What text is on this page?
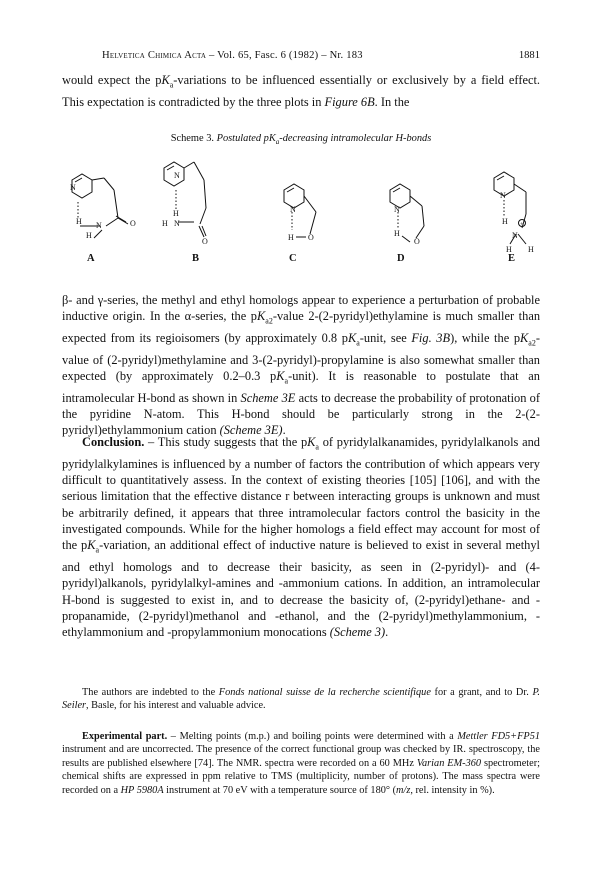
Helvetica Chimica Acta – Vol. 65, Fasc. 6 (1982) – Nr. 183	1881

would expect the $pK_a$-variations to be influenced essentially or exclusively by a field effect. This expectation is contradicted by the three plots in Figure 6B. In the

Scheme 3. Postulated $pK_a$-decreasing intramolecular H-bonds
N
H N	O
H
N
H
H N
O
N
H O
N
H
O
N
H
N
H H
+
A	B	C	D	E

β- and γ-series, the methyl and ethyl homologs appear to experience a perturbation of probable inductive origin. In the α-series, the $pK_{a2}$-value 2-(2-pyridyl)ethylamine is much smaller than expected from its regioisomers (by approximately 0.8 $pK_a$-unit, see Fig. 3B), while the $pK_{a2}$-value of (2-pyridyl)methylamine and 3-(2-pyridyl)-propylamine is also somewhat smaller than expected (by approximately 0.2–0.3 $pK_a-unit$). It is reasonable to postulate that an intramolecular H-bond as shown in Scheme 3E acts to decrease the probability of protonation of the pyridine N-atom. This H-bond should be particularly strong in the 2-(2-pyridyl)ethylammonium cation (Scheme 3E).

Conclusion. – This study suggests that the $pK_a$ of pyridylalkanamides, pyridylalkanols and pyridylalkylamines is influenced by a number of factors the contribution of which appears very difficult to quantitatively assess. In the context of existing theories [105] [106], and with the serious limitation that the effective distance r between interacting groups is unknown and must be arbitrarily defined, it appears that three intramolecular factors control the basicity in the investigated compounds. While for the higher homologs a field effect may account for most of the $pK_a$-variation, an additional effect of inductive nature is believed to exist in several methyl and ethyl homologs and to decrease their basicity, as seen in (2-pyridyl)- and (4-pyridyl)alkanols, pyridylalkyl-amines and -ammonium cations. In addition, an intramolecular H-bond is suggested to exist in, and to decrease the basicity of, (2-pyridyl)ethane- and -propanamide, (2-pyridyl)methanol and -ethanol, and the (2-pyridyl)methylammonium, -ethylammonium and -propylammonium monocations (Scheme 3).

The authors are indebted to the Fonds national suisse de la recherche scientifique for a grant, and to Dr. P. Seiler, Basle, for his interest and valuable advice.

Experimental part. – Melting points (m.p.) and boiling points were determined with a Mettler FD5+FP51 instrument and are uncorrected. The presence of the correct functional group was checked by IR. spectroscopy, the results are published elsewhere [74]. The NMR. spectra were recorded on a 60 MHz Varian EM-360 spectrometer; chemical shifts are expressed in ppm relative to TMS (multiplicity, number of protons). The mass spectra were recorded on a HP 5980A instrument at 70 eV with a temperature source of 180° (m/z, rel. intensity in %).
